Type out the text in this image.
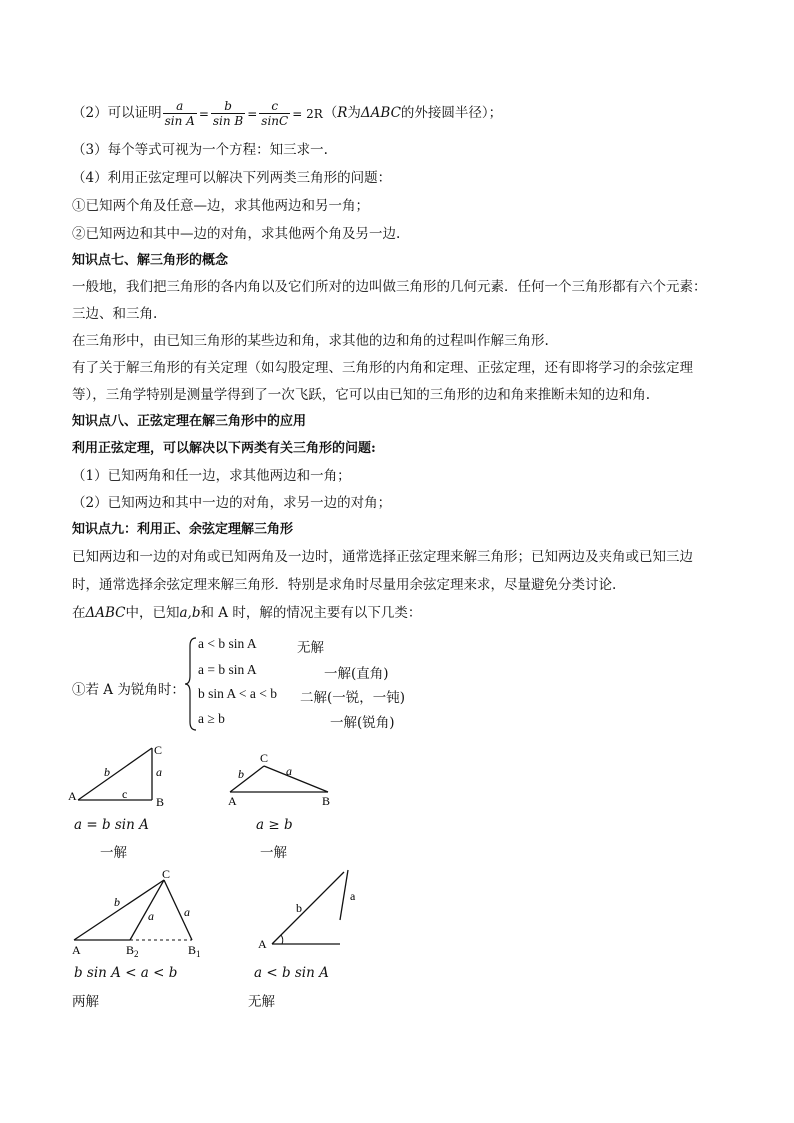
（2）可以证明 $\frac{a}{\text{sin A}} = \frac{b}{\text{sin B}} = \frac{c}{\sin C} = 2R(R$为ΔABC的外接圆半径）；
（3）每个等式可视为一个方程：知三求一.
（4）利用正弦定理可以解决下列两类三角形的问题：
①已知两个角及任意—边，求其他两边和另一角；
②已知两边和其中—边的对角，求其他两个角及另一边.
知识点七、解三角形的概念
一般地，我们把三角形的各内角以及它们所对的边叫做三角形的几何元素．任何一个三角形都有六个元素：
三边、和三角.
在三角形中，由已知三角形的某些边和角，求其他的边和角的过程叫作解三角形.
有了关于解三角形的有关定理（如勾股定理、三角形的内角和定理、正弦定理，还有即将学习的余弦定理
等），三角学特别是测量学得到了一次飞跃，它可以由已知的三角形的边和角来推断未知的边和角.
知识点八、正弦定理在解三角形中的应用
利用正弦定理，可以解决以下两类有关三角形的问题:
（1）已知两角和任一边，求其他两边和一角；
（2）已知两边和其中一边的对角，求另一边的对角；
知识点九：利用正、余弦定理解三角形
已知两边和一边的对角或已知两角及一边时，通常选择正弦定理来解三角形；已知两边及夹角或已知三边
时，通常选择余弦定理来解三角形．特别是求角时尽量用余弦定理来求，尽量避免分类讨论.
在ΔABC中，已知a,b和 A 时，解的情况主要有以下几类：
①若 A 为锐角时：
a < b sin A	无解
a = b sin A	一解(直角)
b sin A < a < b 二解(一锐，一钝)
a ≥ b	一解(锐角)
A	B
C
b	a
c
a = b sin A
一解
A	B
C
b	a
a ≥ b
一解
A	$B_2$	$B_1$
C
b
a	a
b sin A < a < b
两解
A
b
a
a < b sin A
无解
